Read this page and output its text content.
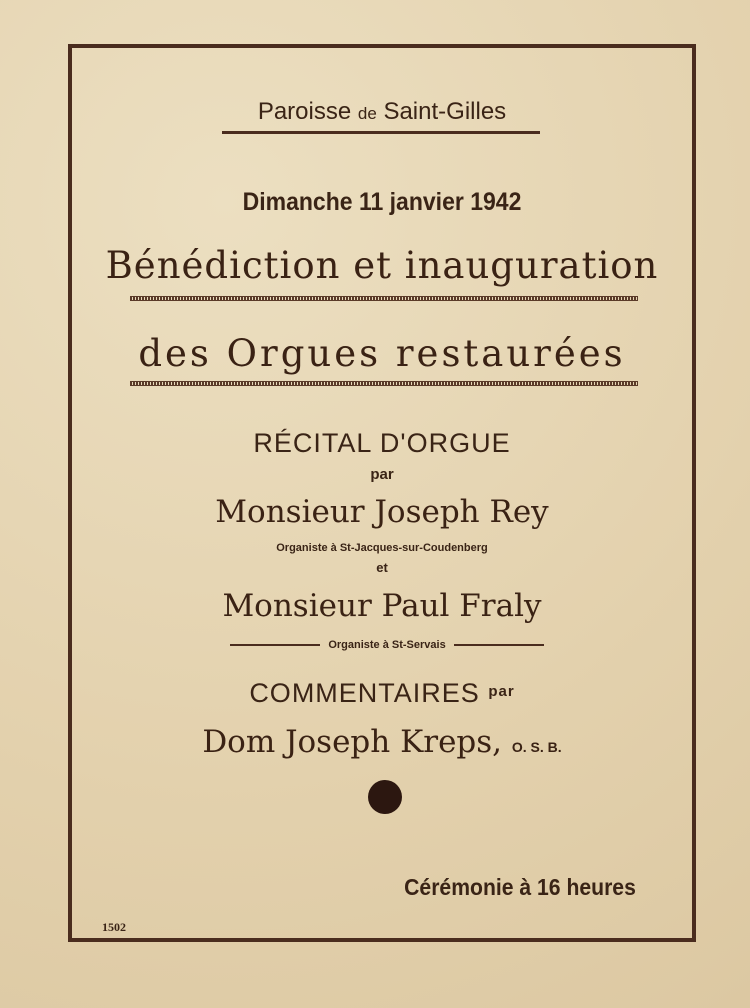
Paroisse de Saint-Gilles
Dimanche 11 janvier 1942
Bénédiction et inauguration
des Orgues restaurées
RÉCITAL D'ORGUE
par
Monsieur Joseph Rey
Organiste à St-Jacques-sur-Coudenberg
et
Monsieur Paul Fraly
Organiste à St-Servais
COMMENTAIRES $^{par}$
Dom Joseph Kreps, O. S. B.
Cérémonie à 16 heures
1502
